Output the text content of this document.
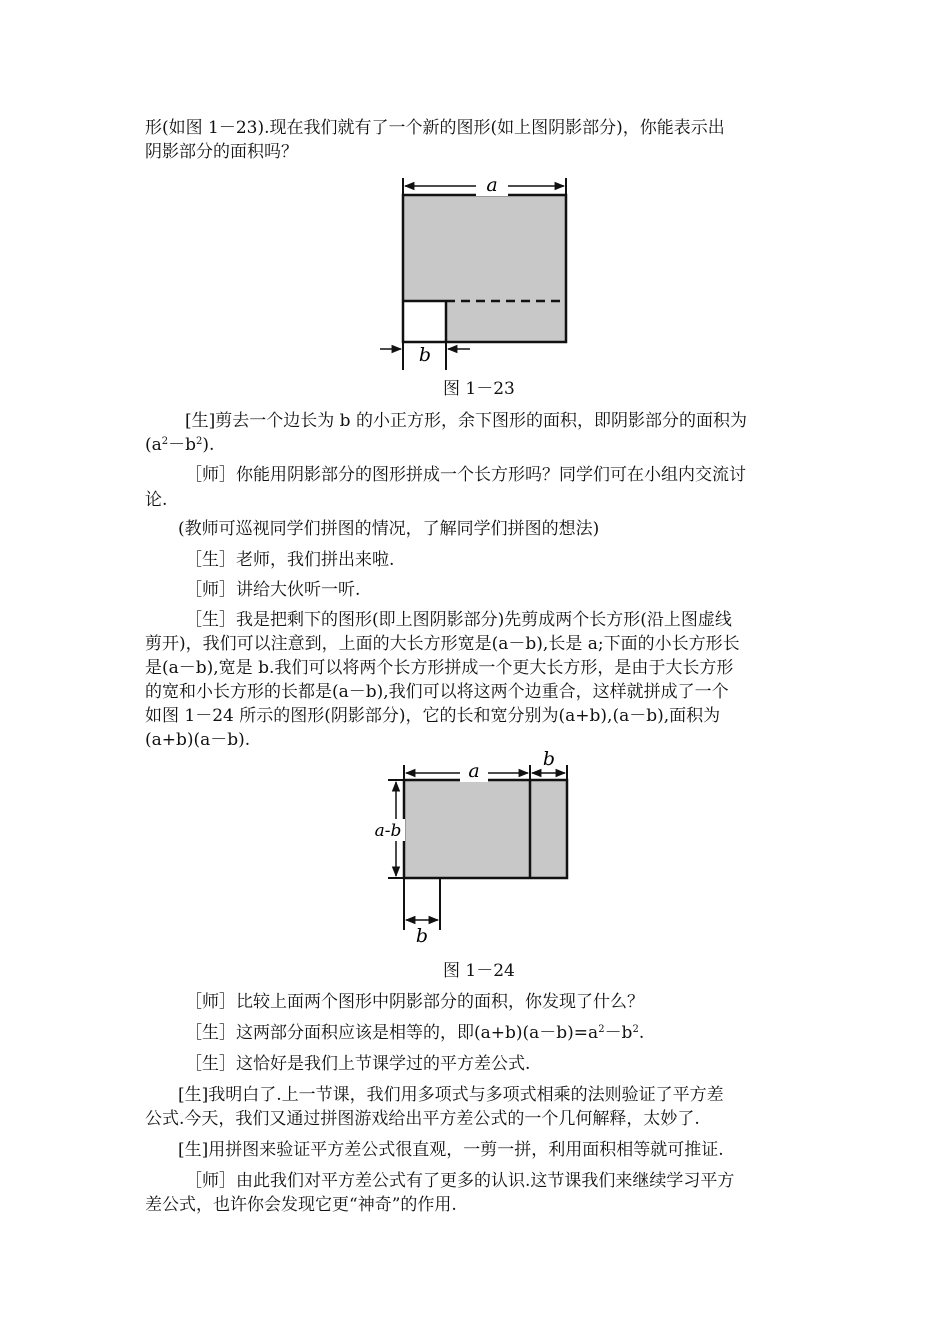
形(如图 1－23).现在我们就有了一个新的图形(如上图阴影部分)，你能表示出
阴影部分的面积吗？
a
b
图 1－23
[生]剪去一个边长为 b 的小正方形，余下图形的面积，即阴影部分的面积为
$(a^2-b^2)$.
［师］你能用阴影部分的图形拼成一个长方形吗？同学们可在小组内交流讨
论.
(教师可巡视同学们拼图的情况，了解同学们拼图的想法)
［生］老师，我们拼出来啦.
［师］讲给大伙听一听.
［生］我是把剩下的图形(即上图阴影部分)先剪成两个长方形(沿上图虚线
剪开)，我们可以注意到，上面的大长方形宽是(a－b),长是 a;下面的小长方形长
是(a－b),宽是 b.我们可以将两个长方形拼成一个更大长方形，是由于大长方形
的宽和小长方形的长都是(a－b),我们可以将这两个边重合，这样就拼成了一个
如图 1－24 所示的图形(阴影部分)，它的长和宽分别为(a+b),(a－b),面积为
(a+b)(a－b).
a
b
a-b
b
图 1－24
［师］比较上面两个图形中阴影部分的面积，你发现了什么？
［生］这两部分面积应该是相等的，即$(a+b)(a-b)=a^2-b^2$.
［生］这恰好是我们上节课学过的平方差公式.
[生]我明白了.上一节课，我们用多项式与多项式相乘的法则验证了平方差
公式.今天，我们又通过拼图游戏给出平方差公式的一个几何解释，太妙了.
[生]用拼图来验证平方差公式很直观，一剪一拼，利用面积相等就可推证.
［师］由此我们对平方差公式有了更多的认识.这节课我们来继续学习平方
差公式，也许你会发现它更“神奇”的作用.
